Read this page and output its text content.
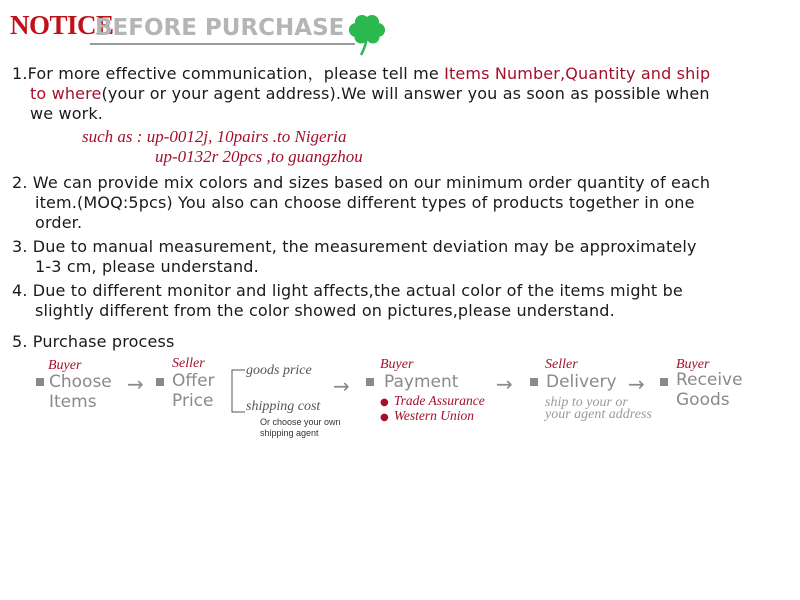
NOTICE
BEFORE PURCHASE
1.For more effective communication，please tell me Items Number,Quantity and ship
to where(your or your agent address).We will answer you as soon as possible when
we work.
such as : up-0012j, 10pairs .to Nigeria
up-0132r 20pcs ,to guangzhou
2. We can provide mix colors and sizes based on our minimum order quantity of each
item.(MOQ:5pcs) You also can choose different types of products together in one
order.
3. Due to manual measurement, the measurement deviation may be approximately
1-3 cm, please understand.
4. Due to different monitor and light affects,the actual color of the items might be
slightly different from the color showed on pictures,please understand.
5. Purchase process
Buyer
Choose
Items
→
Seller
Offer
Price
goods price
shipping cost
Or choose your own
shipping agent
→
Buyer
Payment
● Trade Assurance
● Western Union
→
Seller
Delivery
ship to your or
your agent address
→
Buyer
Receive
Goods
